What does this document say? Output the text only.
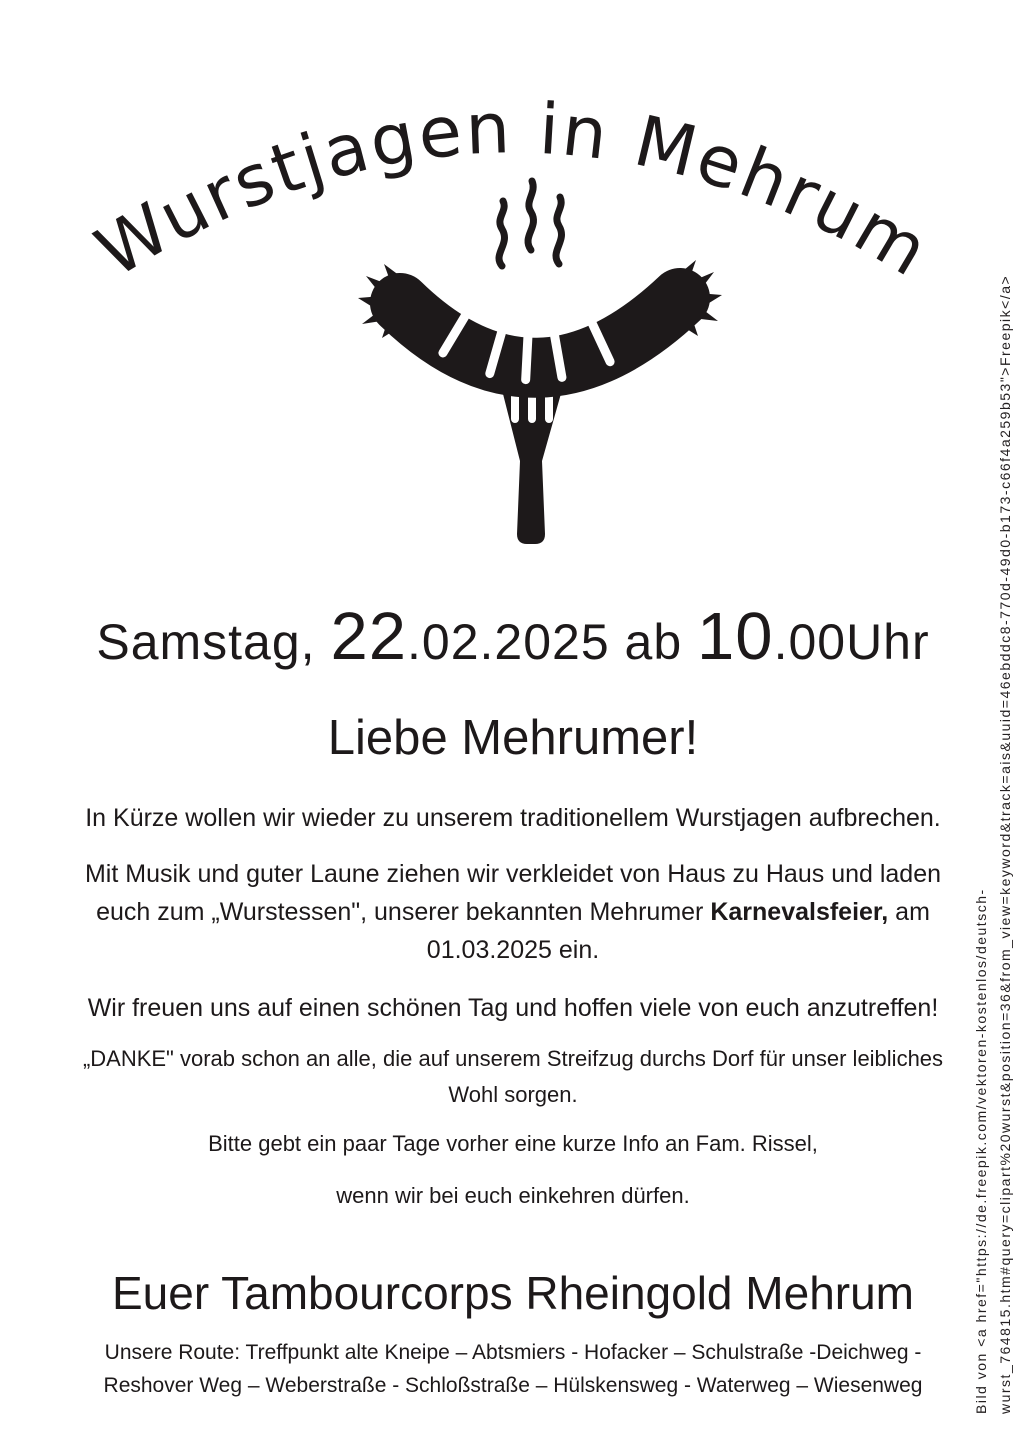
Wurstjagen in Mehrum
Samstag, 22.02.2025 ab 10.00Uhr
Liebe Mehrumer!
In Kürze wollen wir wieder zu unserem traditionellem Wurstjagen aufbrechen.
Mit Musik und guter Laune ziehen wir verkleidet von Haus zu Haus und laden
euch zum „Wurstessen", unserer bekannten Mehrumer Karnevalsfeier, am
01.03.2025 ein.
Wir freuen uns auf einen schönen Tag und hoffen viele von euch anzutreffen!
„DANKE" vorab schon an alle, die auf unserem Streifzug durchs Dorf für unser leibliches
Wohl sorgen.
Bitte gebt ein paar Tage vorher eine kurze Info an Fam. Rissel,
wenn wir bei euch einkehren dürfen.
Euer Tambourcorps Rheingold Mehrum
Unsere Route: Treffpunkt alte Kneipe – Abtsmiers - Hofacker – Schulstraße -Deichweg -
Reshover Weg – Weberstraße - Schloßstraße – Hülskensweg - Waterweg – Wiesenweg	Bild von <a href="https://de.freepik.com/vektoren-kostenlos/deutsch- wurst_764815.htm#query=clipart%20wurst&position=36&from_view=keyword&track=ais&uuid=46ebddc8-770d-49d0-b173-c66f4a259b53">Freepik</a>
